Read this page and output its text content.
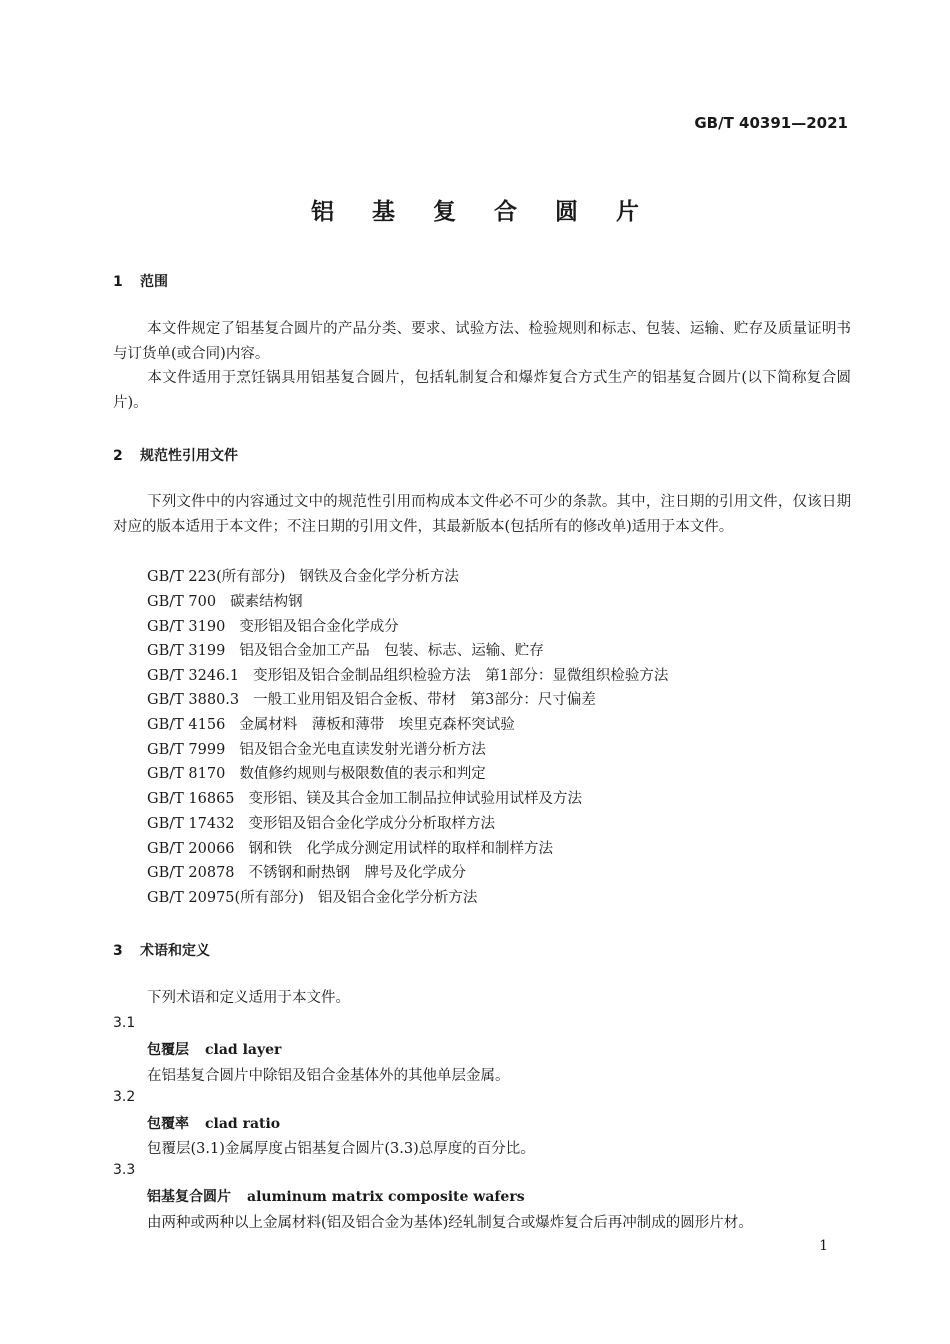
GB/T 40391—2021
铝 基 复 合 圆 片
1 范围
本文件规定了铝基复合圆片的产品分类、要求、试验方法、检验规则和标志、包装、运输、贮存及质量证明书与订货单(或合同)内容。
本文件适用于烹饪锅具用铝基复合圆片，包括轧制复合和爆炸复合方式生产的铝基复合圆片(以下简称复合圆片)。
2 规范性引用文件
下列文件中的内容通过文中的规范性引用而构成本文件必不可少的条款。其中，注日期的引用文件，仅该日期对应的版本适用于本文件；不注日期的引用文件，其最新版本(包括所有的修改单)适用于本文件。
GB/T 223(所有部分) 钢铁及合金化学分析方法
GB/T 700 碳素结构钢
GB/T 3190 变形铝及铝合金化学成分
GB/T 3199 铝及铝合金加工产品　包装、标志、运输、贮存
GB/T 3246.1 变形铝及铝合金制品组织检验方法　第1部分：显微组织检验方法
GB/T 3880.3 一般工业用铝及铝合金板、带材　第3部分：尺寸偏差
GB/T 4156 金属材料　薄板和薄带　埃里克森杯突试验
GB/T 7999 铝及铝合金光电直读发射光谱分析方法
GB/T 8170 数值修约规则与极限数值的表示和判定
GB/T 16865 变形铝、镁及其合金加工制品拉伸试验用试样及方法
GB/T 17432 变形铝及铝合金化学成分分析取样方法
GB/T 20066 钢和铁　化学成分测定用试样的取样和制样方法
GB/T 20878 不锈钢和耐热钢　牌号及化学成分
GB/T 20975(所有部分) 铝及铝合金化学分析方法
3 术语和定义
下列术语和定义适用于本文件。
3.1
包覆层 clad layer
在铝基复合圆片中除铝及铝合金基体外的其他单层金属。
3.2
包覆率 clad ratio
包覆层(3.1)金属厚度占铝基复合圆片(3.3)总厚度的百分比。
3.3
铝基复合圆片 aluminum matrix composite wafers
由两种或两种以上金属材料(铝及铝合金为基体)经轧制复合或爆炸复合后再冲制成的圆形片材。
1
